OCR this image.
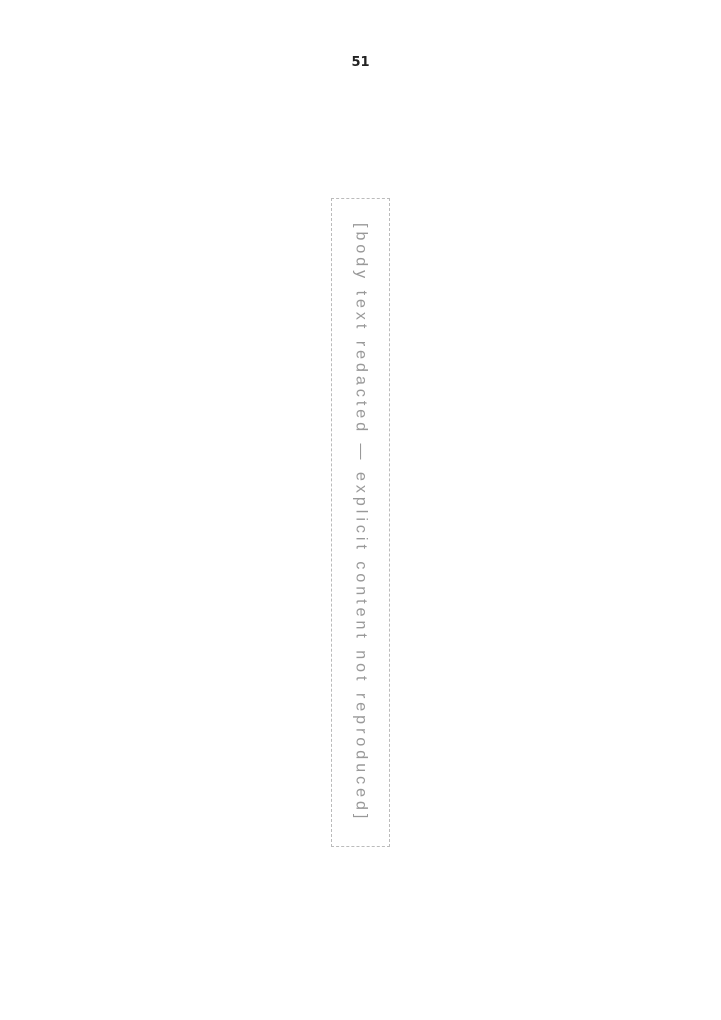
51
[body text redacted — explicit content not reproduced]
